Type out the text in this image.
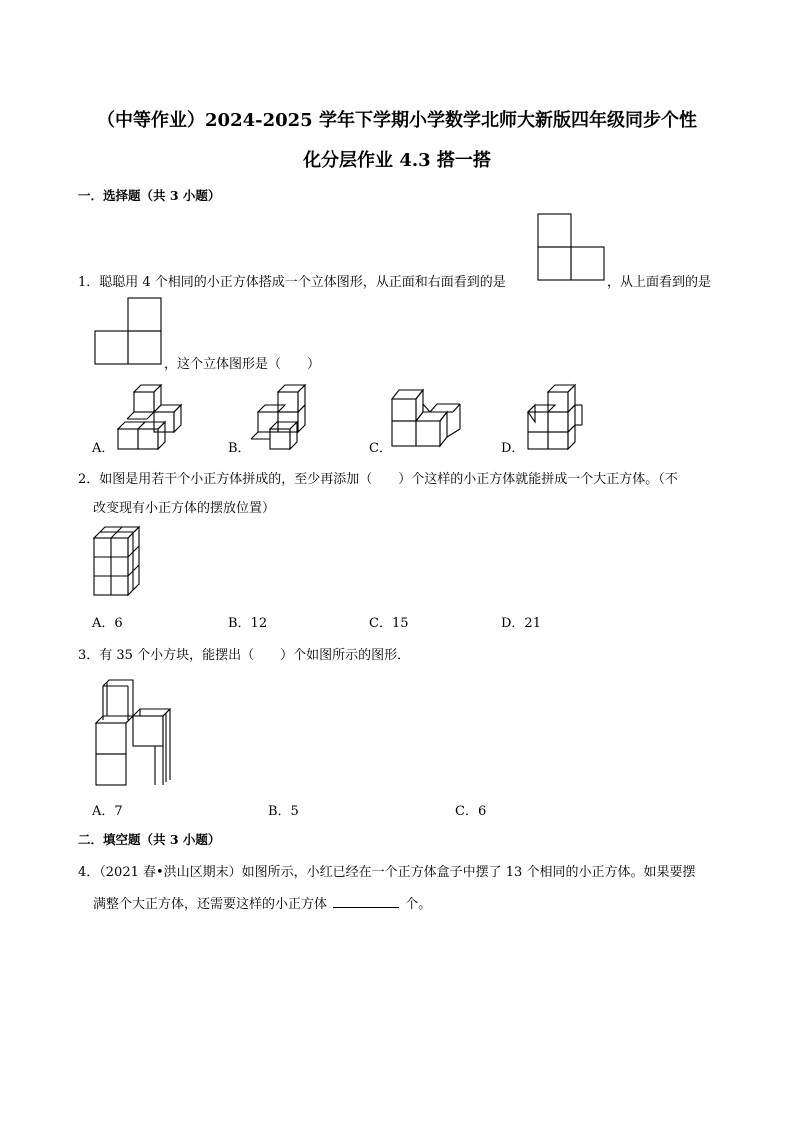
（中等作业）2024-2025 学年下学期小学数学北师大新版四年级同步个性
化分层作业 4.3 搭一搭
一．选择题（共 3 小题）
1．聪聪用 4 个相同的小正方体搭成一个立体图形，从正面和右面看到的是	，从上面看到的是
，这个立体图形是（　　）
A．	B．	C．	D．
2．如图是用若干个小正方体拼成的，至少再添加（　　）个这样的小正方体就能拼成一个大正方体。（不
改变现有小正方体的摆放位置）
A．6	B．12	C．15	D．21
3．有 35 个小方块，能摆出（　　）个如图所示的图形．
A．7	B．5	C．6
二．填空题（共 3 小题）
4．（2021 春•洪山区期末）如图所示，小红已经在一个正方体盒子中摆了 13 个相同的小正方体。如果要摆
满整个大正方体，还需要这样的小正方体	个。
